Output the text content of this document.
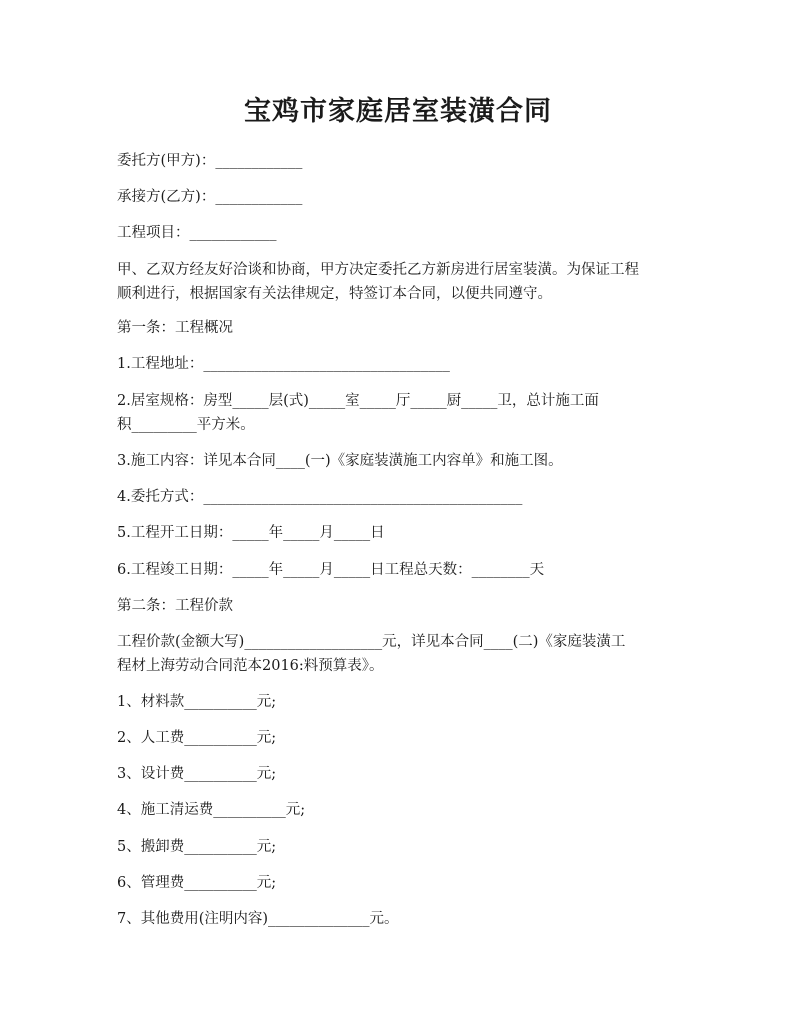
宝鸡市家庭居室装潢合同

委托方(甲方)：____________

承接方(乙方)：____________

工程项目：____________

甲、乙双方经友好洽谈和协商，甲方决定委托乙方新房进行居室装潢。为保证工程
顺利进行，根据国家有关法律规定，特签订本合同，以便共同遵守。

第一条：工程概况

1.工程地址：__________________________________

2.居室规格：房型_____层(式)_____室_____厅_____厨_____卫，总计施工面
积_________平方米。

3.施工内容：详见本合同____(一)《家庭装潢施工内容单》和施工图。

4.委托方式：____________________________________________

5.工程开工日期：_____年_____月_____日

6.工程竣工日期：_____年_____月_____日工程总天数：________天

第二条：工程价款

工程价款(金额大写)___________________元，详见本合同____(二)《家庭装潢工
程材上海劳动合同范本2016:料预算表》。

1、材料款__________元;

2、人工费__________元;

3、设计费__________元;

4、施工清运费__________元;

5、搬卸费__________元;

6、管理费__________元;

7、其他费用(注明内容)______________元。
